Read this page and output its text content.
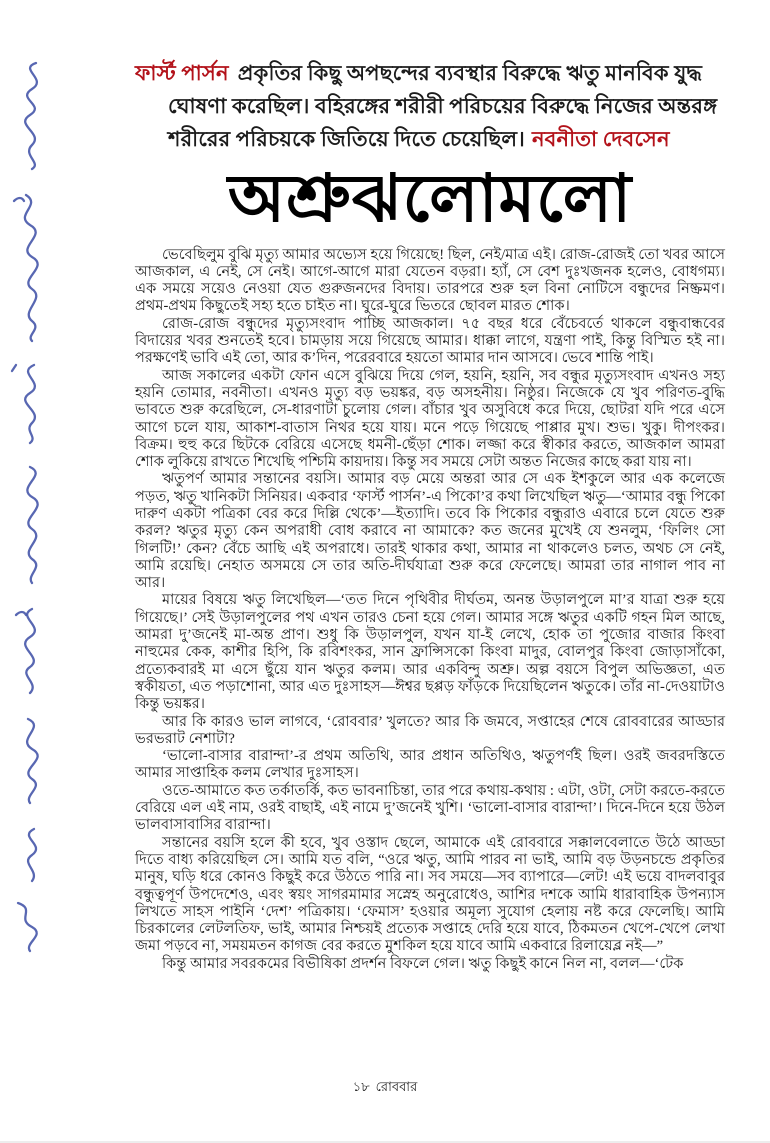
ফার্স্ট পার্সন প্রকৃতির কিছু অপছন্দের ব্যবস্থার বিরুদ্ধে ঋতু মানবিক যুদ্ধ ঘোষণা করেছিল। বহিরঙ্গের শরীরী পরিচয়ের বিরুদ্ধে নিজের অন্তরঙ্গ শরীরের পরিচয়কে জিতিয়ে দিতে চেয়েছিল। নবনীতা দেবসেন

অশ্রুঝলোমলো

ভেবেছিলুম বুঝি মৃত্যু আমার অভ্যেস হয়ে গিয়েছে! ছিল, নেই/মাত্র এই। রোজ-রোজই তো খবর আসে আজকাল, এ নেই, সে নেই। আগে-আগে মারা যেতেন বড়রা। হ্যাঁ, সে বেশ দুঃখজনক হলেও, বোধগম্য। এক সময়ে সয়েও নেওয়া যেত গুরুজনদের বিদায়। তারপরে শুরু হল বিনা নোটিসে বন্ধুদের নিষ্ক্রমণ। প্রথম-প্রথম কিছুতেই সহ্য হতে চাইত না। ঘুরে-ঘুরে ভিতরে ছোবল মারত শোক।

রোজ-রোজ বন্ধুদের মৃত্যুসংবাদ পাচ্ছি আজকাল। ৭৫ বছর ধরে বেঁচেবর্তে থাকলে বন্ধুবান্ধবের বিদায়ের খবর শুনতেই হবে। চামড়ায় সয়ে গিয়েছে আমার। ধাক্কা লাগে, যন্ত্রণা পাই, কিন্তু বিস্মিত হই না। পরক্ষণেই ভাবি এই তো, আর ক’দিন, পরেরবারে হয়তো আমার দান আসবে। ভেবে শান্তি পাই।

আজ সকালের একটা ফোন এসে বুঝিয়ে দিয়ে গেল, হয়নি, হয়নি, সব বন্ধুর মৃত্যুসংবাদ এখনও সহ্য হয়নি তোমার, নবনীতা। এখনও মৃত্যু বড় ভয়ঙ্কর, বড় অসহনীয়। নিষ্ঠুর। নিজেকে যে খুব পরিণত-বুদ্ধি ভাবতে শুরু করেছিলে, সে-ধারণাটা চুলোয় গেল। বাঁচার খুব অসুবিধে করে দিয়ে, ছোটরা যদি পরে এসে আগে চলে যায়, আকাশ-বাতাস নিথর হয়ে যায়। মনে পড়ে গিয়েছে পাপ্পার মুখ। শুভ। খুকু। দীপংকর। বিক্রম। হুহু করে ছিটকে বেরিয়ে এসেছে ধমনী-ছেঁড়া শোক। লজ্জা করে স্বীকার করতে, আজকাল আমরা শোক লুকিয়ে রাখতে শিখেছি পশ্চিমি কায়দায়। কিন্তু সব সময়ে সেটা অন্তত নিজের কাছে করা যায় না।

ঋতুপর্ণ আমার সন্তানের বয়সি। আমার বড় মেয়ে অন্তরা আর সে এক ইশকুলে আর এক কলেজে পড়ত, ঋতু খানিকটা সিনিয়র। একবার ‘ফার্স্ট পার্সন’-এ পিকো’র কথা লিখেছিল ঋতু—‘আমার বন্ধু পিকো দারুণ একটা পত্রিকা বের করে দিল্লি থেকে’—ইত্যাদি। তবে কি পিকোর বন্ধুরাও এবারে চলে যেতে শুরু করল? ঋতুর মৃত্যু কেন অপরাধী বোধ করাবে না আমাকে? কত জনের মুখেই যে শুনলুম, ‘ফিলিং সো গিলটি!’ কেন? বেঁচে আছি এই অপরাধে। তারই থাকার কথা, আমার না থাকলেও চলত, অথচ সে নেই, আমি রয়েছি। নেহাত অসময়ে সে তার অতি-দীর্ঘযাত্রা শুরু করে ফেলেছে। আমরা তার নাগাল পাব না আর।

মায়ের বিষয়ে ঋতু লিখেছিল—‘তত দিনে পৃথিবীর দীর্ঘতম, অনন্ত উড়ালপুলে মা’র যাত্রা শুরু হয়ে গিয়েছে।’ সেই উড়ালপুলের পথ এখন তারও চেনা হয়ে গেল। আমার সঙ্গে ঋতুর একটি গহন মিল আছে, আমরা দু’জনেই মা-অন্ত প্রাণ। শুধু কি উড়ালপুল, যখন যা-ই লেখে, হোক তা পুজোর বাজার কিংবা নাহুমের কেক, কাশীর হিপি, কি রবিশংকর, সান ফ্রান্সিসকো কিংবা মাদুর, বোলপুর কিংবা জোড়াসাঁকো, প্রত্যেকবারই মা এসে ছুঁয়ে যান ঋতুর কলম। আর একবিন্দু অশ্রু। অল্প বয়সে বিপুল অভিজ্ঞতা, এত স্বকীয়তা, এত পড়াশোনা, আর এত দুঃসাহস—ঈশ্বর ছপ্পড় ফাঁড়কে দিয়েছিলেন ঋতুকে। তাঁর না-দেওয়াটাও কিন্তু ভয়ঙ্কর।

আর কি কারও ভাল লাগবে, ‘রোববার’ খুলতে? আর কি জমবে, সপ্তাহের শেষে রোববারের আড্ডার ভরভরাট নেশাটা?

‘ভালো-বাসার বারান্দা’-র প্রথম অতিথি, আর প্রধান অতিথিও, ঋতুপর্ণই ছিল। ওরই জবরদস্তিতে আমার সাপ্তাহিক কলম লেখার দুঃসাহস।

ওতে-আমাতে কত তর্কাতর্কি, কত ভাবনাচিন্তা, তার পরে কথায়-কথায় : এটা, ওটা, সেটা করতে-করতে বেরিয়ে এল এই নাম, ওরই বাছাই, এই নামে দু’জনেই খুশি। ‘ভালো-বাসার বারান্দা’। দিনে-দিনে হয়ে উঠল ভালবাসাবাসির বারান্দা।

সন্তানের বয়সি হলে কী হবে, খুব ওস্তাদ ছেলে, আমাকে এই রোববারে সক্কালবেলাতে উঠে আড্ডা দিতে বাধ্য করিয়েছিল সে। আমি যত বলি, “ওরে ঋতু, আমি পারব না ভাই, আমি বড় উড়নচন্ডে প্রকৃতির মানুষ, ঘড়ি ধরে কোনও কিছুই করে উঠতে পারি না। সব সময়ে—সব ব্যাপারে—লেট! এই ভয়ে বাদলবাবুর বন্ধুত্বপূর্ণ উপদেশেও, এবং স্বয়ং সাগরমামার সস্নেহ অনুরোধেও, আশির দশকে আমি ধারাবাহিক উপন্যাস লিখতে সাহস পাইনি ‘দেশ’ পত্রিকায়। ‘ফেমাস’ হওয়ার অমূল্য সুযোগ হেলায় নষ্ট করে ফেলেছি। আমি চিরকালের লেটলতিফ, ভাই, আমার নিশ্চয়ই প্রত্যেক সপ্তাহে দেরি হয়ে যাবে, ঠিকমতন খেপে-খেপে লেখা জমা পড়বে না, সময়মতন কাগজ বের করতে মুশকিল হয়ে যাবে আমি একবারে রিলায়েব্ল নই—”

কিন্তু আমার সবরকমের বিভীষিকা প্রদর্শন বিফলে গেল। ঋতু কিছুই কানে নিল না, বলল—‘টেক

১৮ রোববার
